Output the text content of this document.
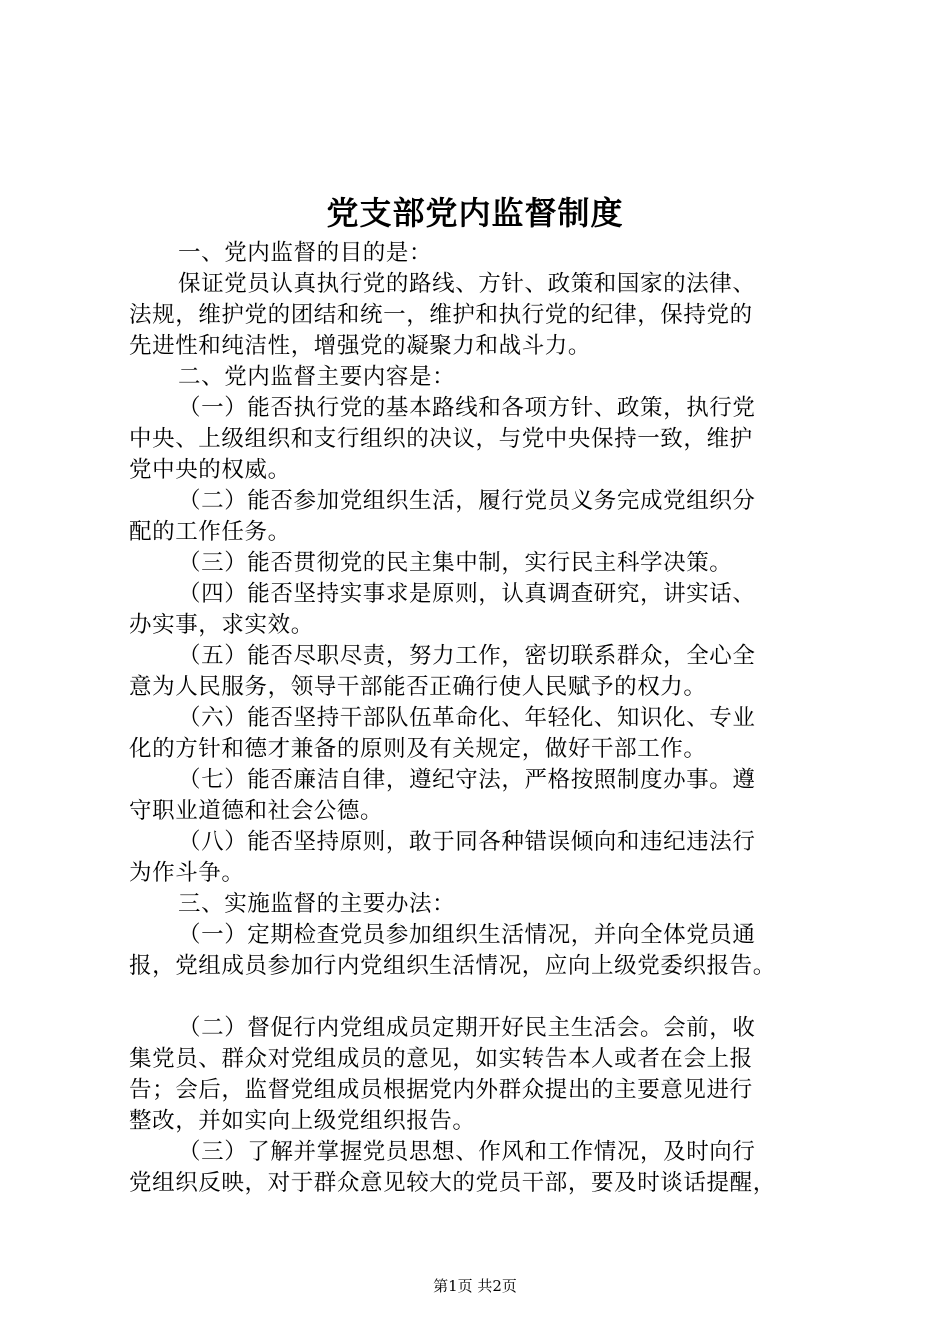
党支部党内监督制度
一、党内监督的目的是：
保证党员认真执行党的路线、方针、政策和国家的法律、
法规，维护党的团结和统一，维护和执行党的纪律，保持党的
先进性和纯洁性，增强党的凝聚力和战斗力。
二、党内监督主要内容是：
（一）能否执行党的基本路线和各项方针、政策，执行党
中央、上级组织和支行组织的决议，与党中央保持一致，维护
党中央的权威。
（二）能否参加党组织生活，履行党员义务完成党组织分
配的工作任务。
（三）能否贯彻党的民主集中制，实行民主科学决策。
（四）能否坚持实事求是原则，认真调查研究，讲实话、
办实事，求实效。
（五）能否尽职尽责，努力工作，密切联系群众，全心全
意为人民服务，领导干部能否正确行使人民赋予的权力。
（六）能否坚持干部队伍革命化、年轻化、知识化、专业
化的方针和德才兼备的原则及有关规定，做好干部工作。
（七）能否廉洁自律，遵纪守法，严格按照制度办事。遵
守职业道德和社会公德。
（八）能否坚持原则，敢于同各种错误倾向和违纪违法行
为作斗争。
三、实施监督的主要办法：
（一）定期检查党员参加组织生活情况，并向全体党员通
报，党组成员参加行内党组织生活情况，应向上级党委织报告。
（二）督促行内党组成员定期开好民主生活会。会前，收
集党员、群众对党组成员的意见，如实转告本人或者在会上报
告；会后，监督党组成员根据党内外群众提出的主要意见进行
整改，并如实向上级党组织报告。
（三）了解并掌握党员思想、作风和工作情况，及时向行
党组织反映，对于群众意见较大的党员干部，要及时谈话提醒，
第1页 共2页
